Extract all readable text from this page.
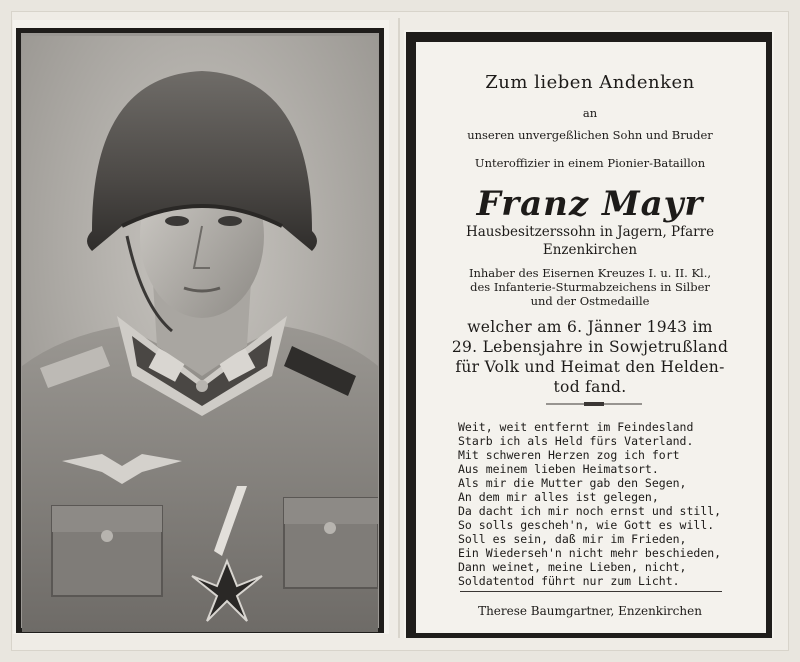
Zum lieben Andenken
an
unseren unvergeßlichen Sohn und Bruder
Unteroffizier in einem Pionier-Bataillon
Franz Mayr
Hausbesitzerssohn in Jagern, Pfarre
Enzenkirchen
Inhaber des Eisernen Kreuzes I. u. II. Kl.,
des Infanterie-Sturmabzeichens in Silber
und der Ostmedaille
welcher am 6. Jänner 1943 im
29. Lebensjahre in Sowjetrußland
für Volk und Heimat den Helden-
tod fand.
Weit, weit entfernt im Feindesland
Starb ich als Held fürs Vaterland.
Mit schweren Herzen zog ich fort
Aus meinem lieben Heimatsort.
Als mir die Mutter gab den Segen,
An dem mir alles ist gelegen,
Da dacht ich mir noch ernst und still,
So solls gescheh'n, wie Gott es will.
Soll es sein, daß mir im Frieden,
Ein Wiederseh'n nicht mehr beschieden,
Dann weinet, meine Lieben, nicht,
Soldatentod führt nur zum Licht.
Therese Baumgartner, Enzenkirchen
